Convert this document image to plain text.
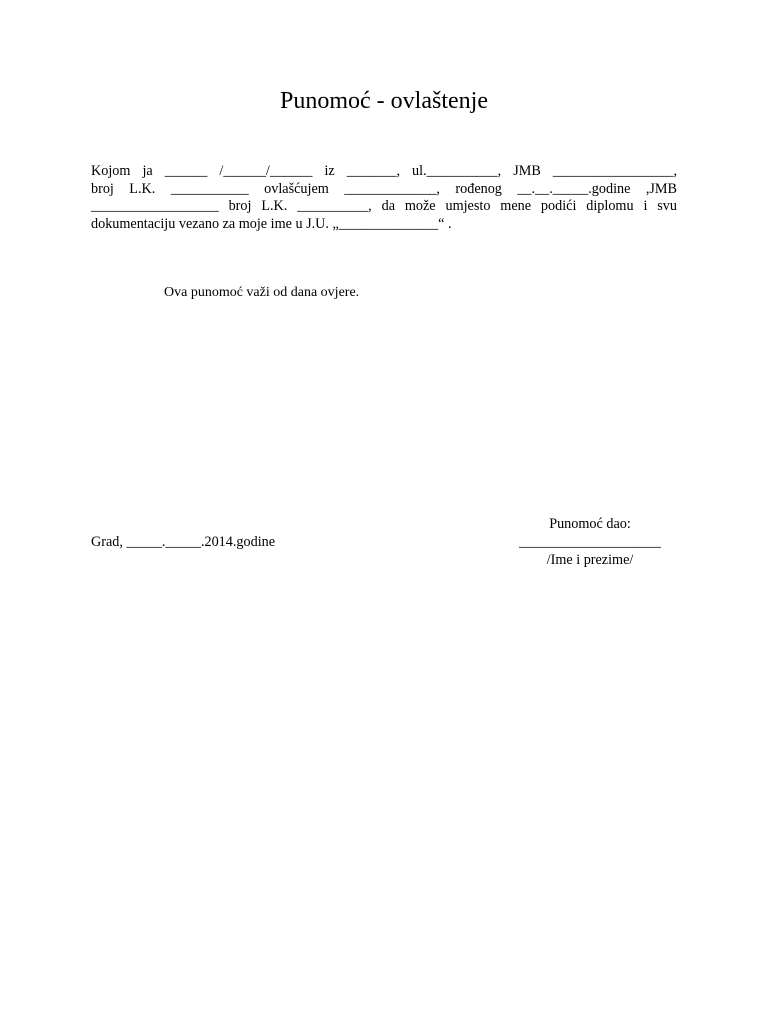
Punomoć - ovlaštenje
Kojom ja ______ /______/______ iz _______, ul.__________, JMB _________________,
broj L.K. ___________ ovlašćujem _____________, rođenog __.__._____.godine ,JMB
__________________ broj L.K. __________, da može umjesto mene podići diplomu i svu
dokumentaciju vezano za moje ime u J.U. „______________“ .

Ova punomoć važi od dana ovjere.

Grad, _____._____.2014.godine

Punomoć dao:
____________________
/Ime i prezime/
